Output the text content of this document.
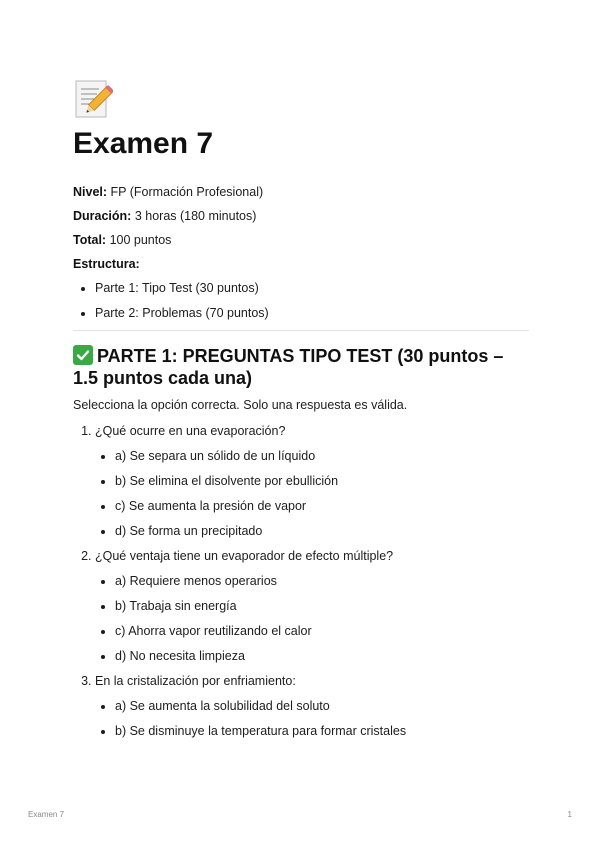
Examen 7

Nivel: FP (Formación Profesional)

Duración: 3 horas (180 minutos)

Total: 100 puntos

Estructura:

• Parte 1: Tipo Test (30 puntos)
• Parte 2: Problemas (70 puntos)
PARTE 1: PREGUNTAS TIPO TEST (30 puntos – 1.5 puntos cada una)

Selecciona la opción correcta. Solo una respuesta es válida.

1. ¿Qué ocurre en una evaporación?
• a) Se separa un sólido de un líquido
• b) Se elimina el disolvente por ebullición
• c) Se aumenta la presión de vapor
• d) Se forma un precipitado
2. ¿Qué ventaja tiene un evaporador de efecto múltiple?
• a) Requiere menos operarios
• b) Trabaja sin energía
• c) Ahorra vapor reutilizando el calor
• d) No necesita limpieza
3. En la cristalización por enfriamiento:
• a) Se aumenta la solubilidad del soluto
• b) Se disminuye la temperatura para formar cristales
Examen 7	1
